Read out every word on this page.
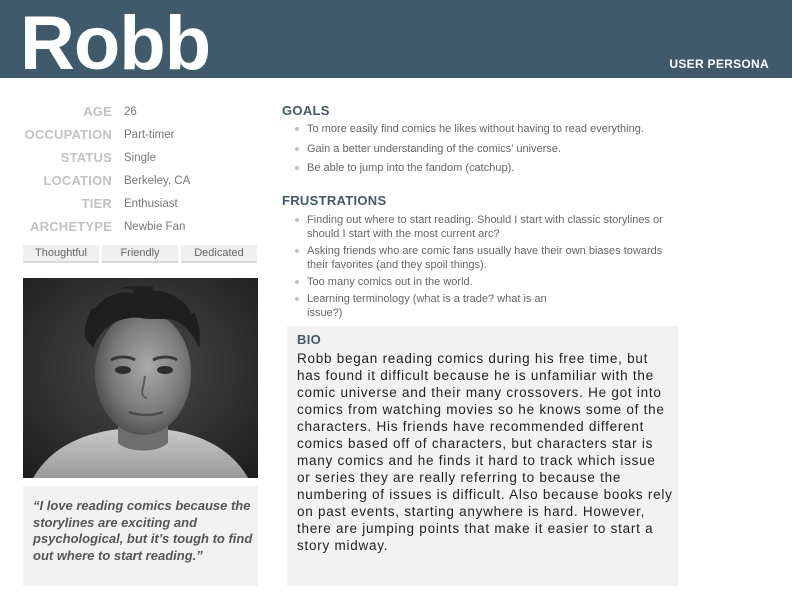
Robb	USER PERSONA
AGE 26
OCCUPATION Part-timer
STATUS Single
LOCATION Berkeley, CA
TIER Enthusiast
ARCHETYPE Newbie Fan
Thoughtful	Friendly	Dedicated
“I love reading comics because the storylines are exciting and psychological, but it’s tough to find out where to start reading.”
GOALS
To more easily find comics he likes without having to read everything.
Gain a better understanding of the comics’ universe.
Be able to jump into the fandom (catchup).
FRUSTRATIONS
Finding out where to start reading. Should I start with classic storylines or should I start with the most current arc?
Asking friends who are comic fans usually have their own biases towards their favorites (and they spoil things).
Too many comics out in the world.
Learning terminology (what is a trade? what is an issue?)
BIO
Robb began reading comics during his free time, but has found it difficult because he is unfamiliar with the comic universe and their many crossovers. He got into comics from watching movies so he knows some of the characters. His friends have recommended different comics based off of characters, but characters star is many comics and he finds it hard to track which issue or series they are really referring to because the numbering of issues is difficult. Also because books rely on past events, starting anywhere is hard. However, there are jumping points that make it easier to start a story midway.
